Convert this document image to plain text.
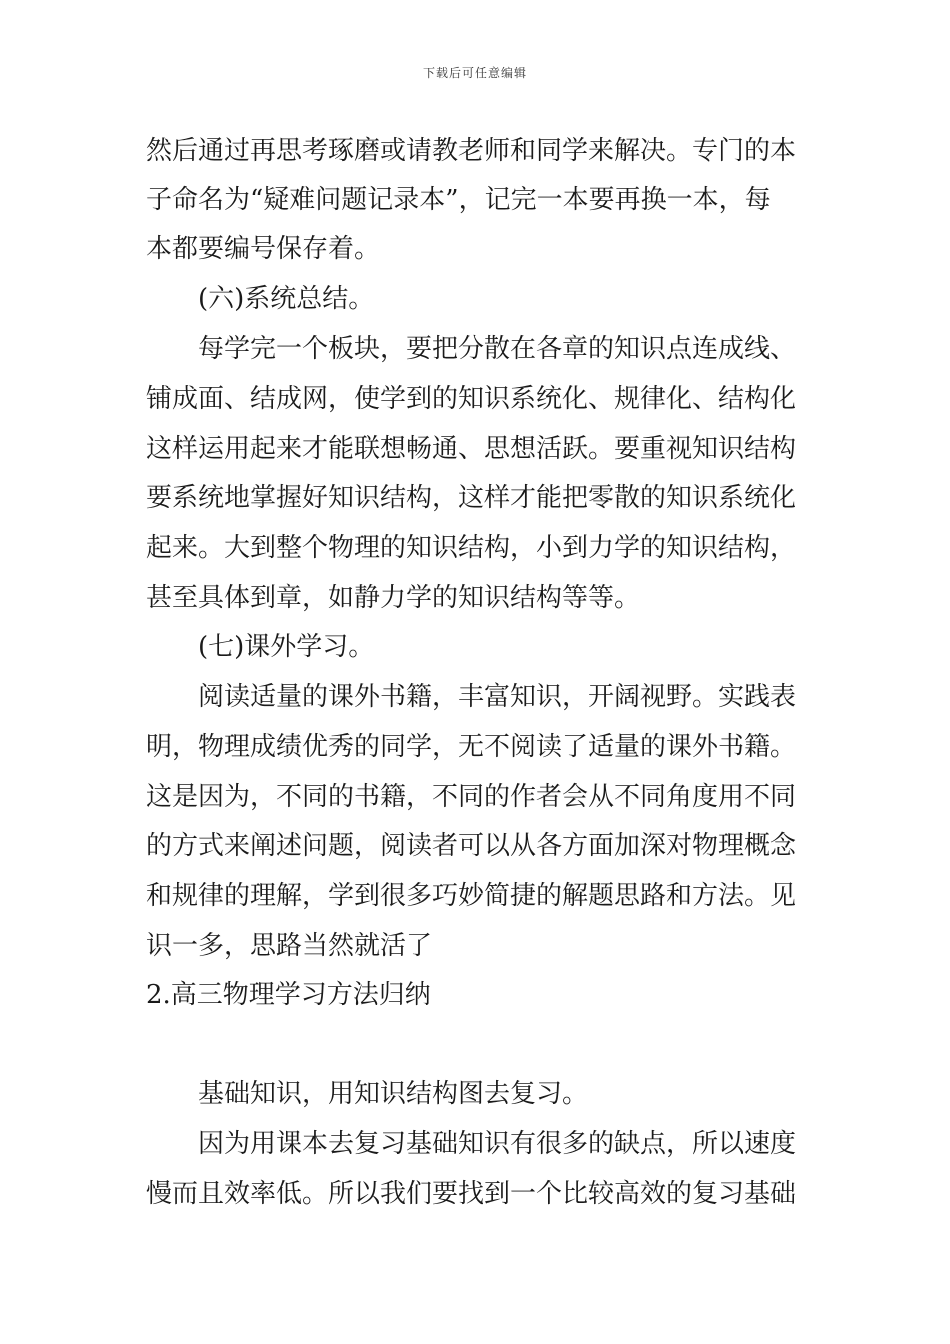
下载后可任意编辑
然后通过再思考琢磨或请教老师和同学来解决。专门的本
子命名为“疑难问题记录本”，记完一本要再换一本，每
本都要编号保存着。
(六)系统总结。
每学完一个板块，要把分散在各章的知识点连成线、
铺成面、结成网，使学到的知识系统化、规律化、结构化
这样运用起来才能联想畅通、思想活跃。要重视知识结构
要系统地掌握好知识结构，这样才能把零散的知识系统化
起来。大到整个物理的知识结构，小到力学的知识结构，
甚至具体到章，如静力学的知识结构等等。
(七)课外学习。
阅读适量的课外书籍，丰富知识，开阔视野。实践表
明，物理成绩优秀的同学，无不阅读了适量的课外书籍。
这是因为，不同的书籍，不同的作者会从不同角度用不同
的方式来阐述问题，阅读者可以从各方面加深对物理概念
和规律的理解，学到很多巧妙简捷的解题思路和方法。见
识一多，思路当然就活了
2.高三物理学习方法归纳
基础知识，用知识结构图去复习。
因为用课本去复习基础知识有很多的缺点，所以速度
慢而且效率低。所以我们要找到一个比较高效的复习基础
